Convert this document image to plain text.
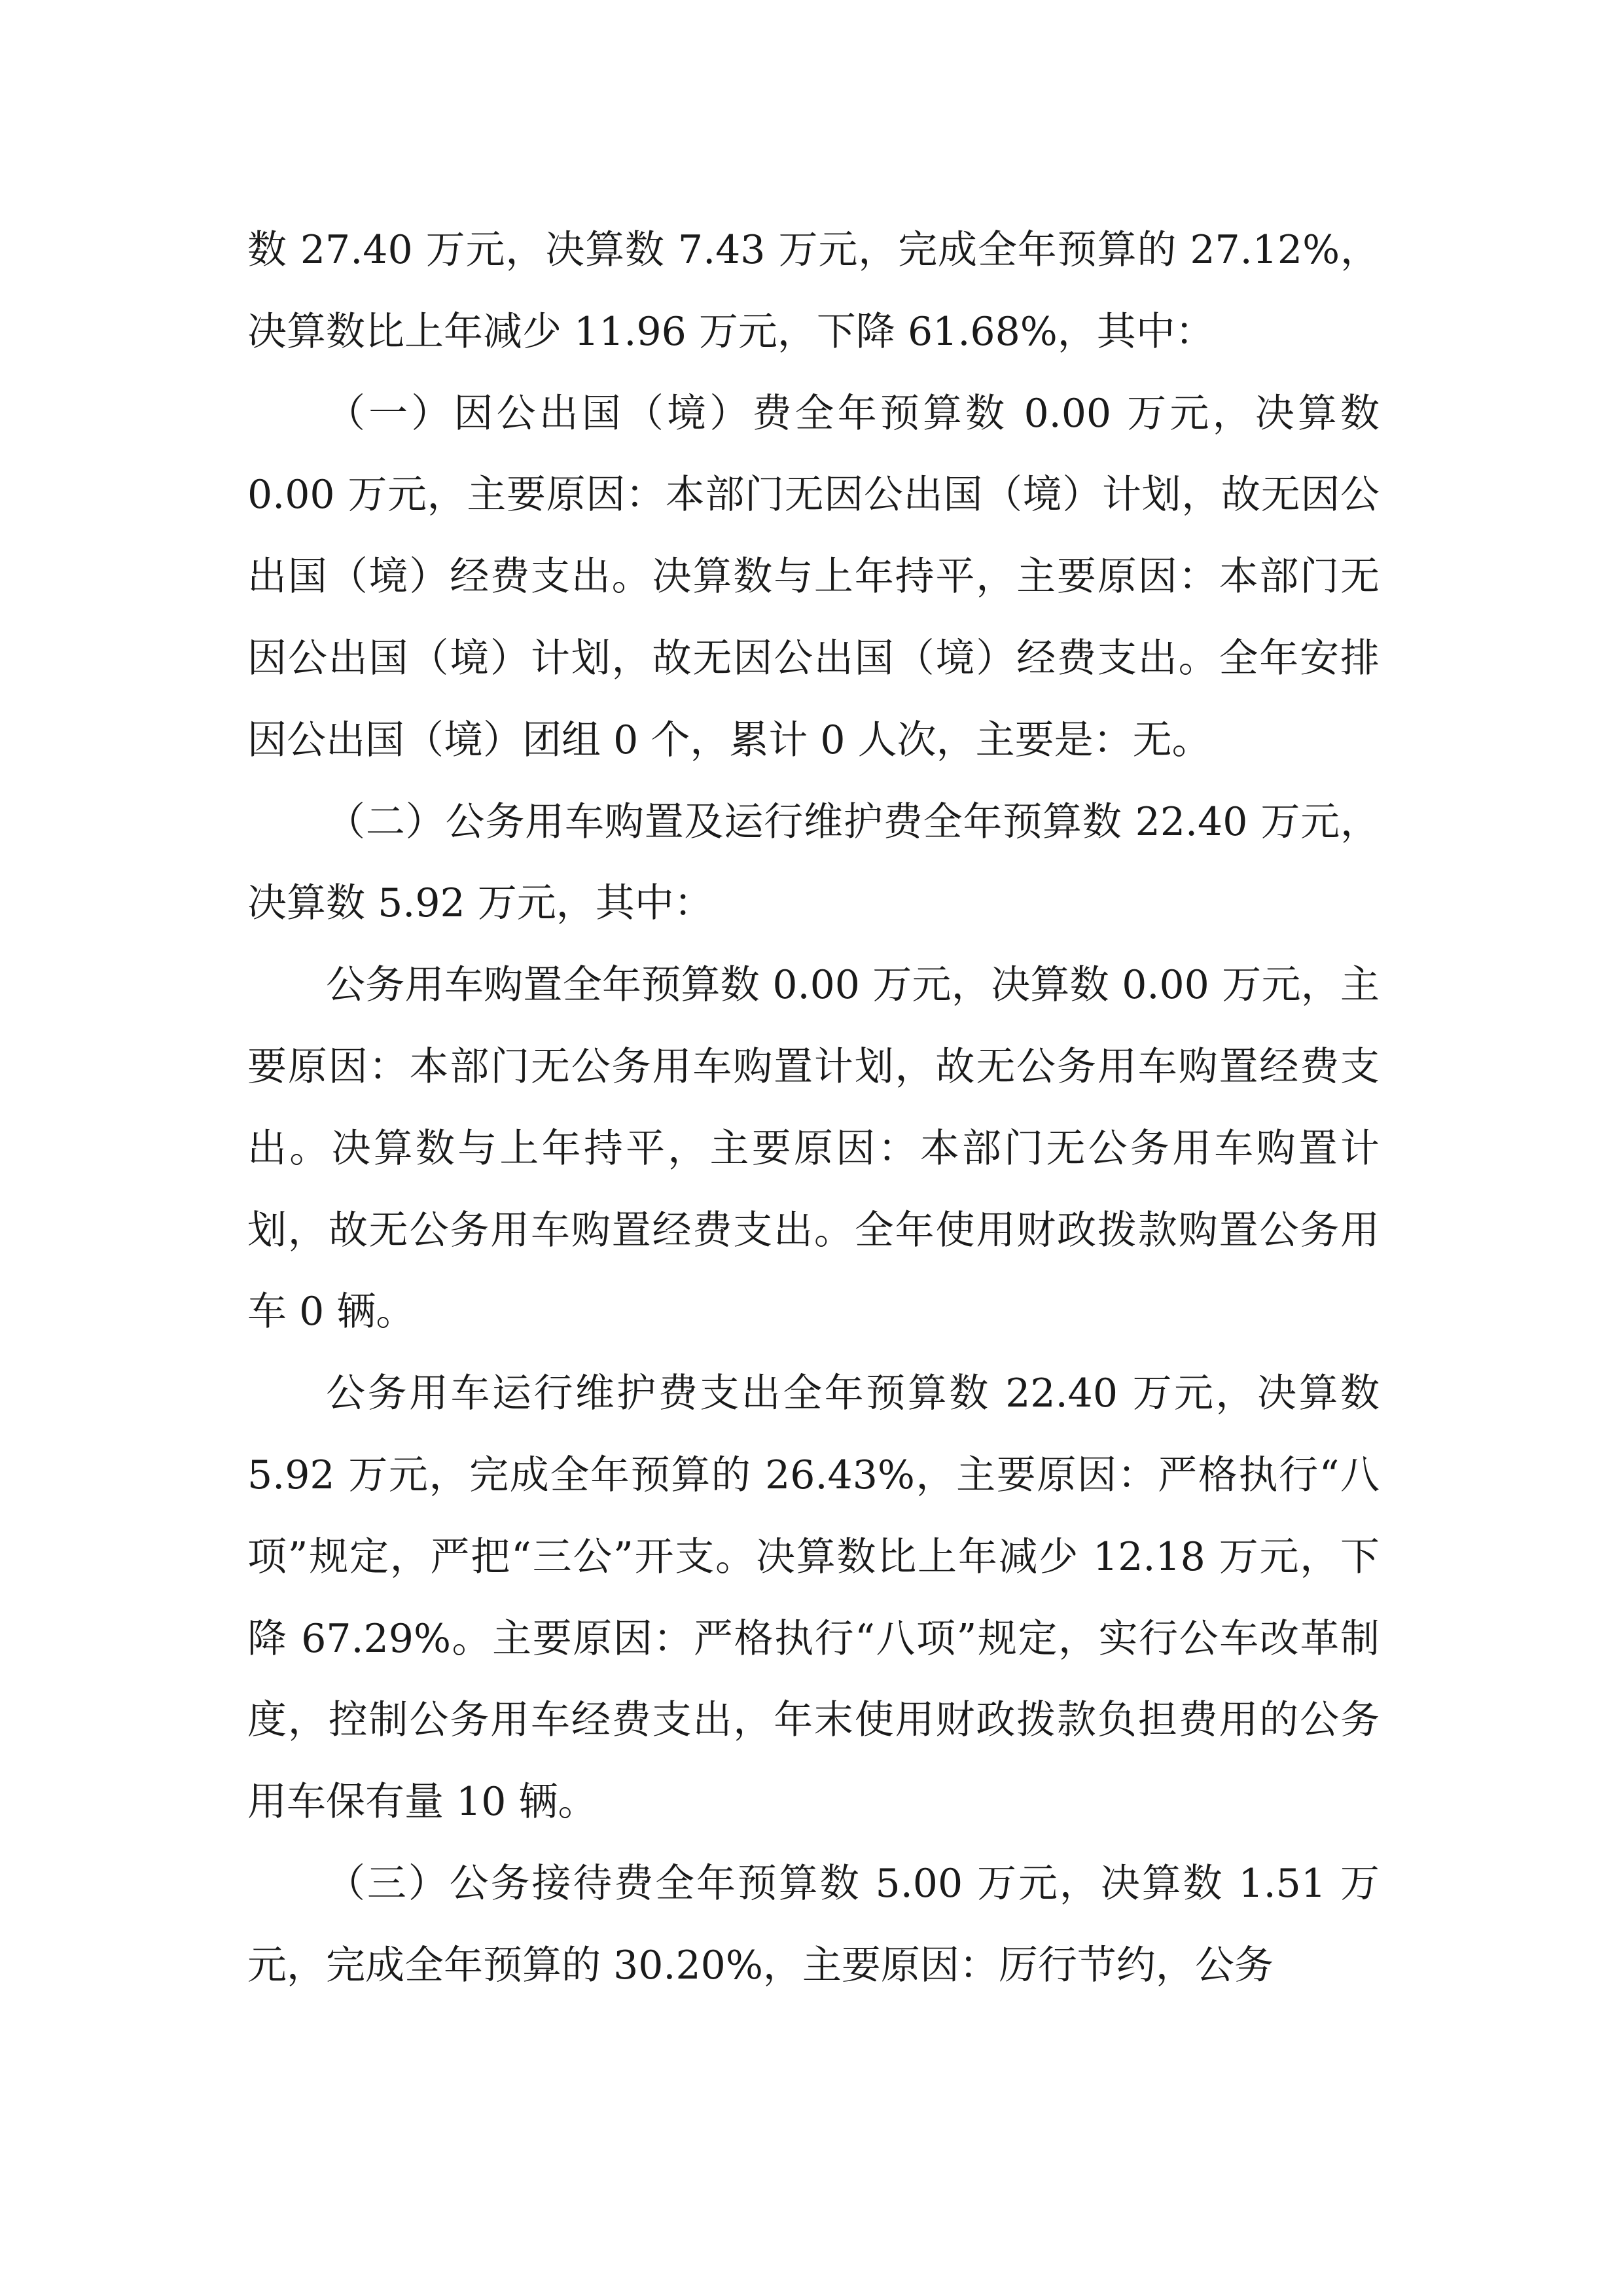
数 27.40 万元，决算数 7.43 万元，完成全年预算的 27.12%，决算数比上年减少 11.96 万元，下降 61.68%，其中：

（一）因公出国（境）费全年预算数 0.00 万元，决算数 0.00 万元，主要原因：本部门无因公出国（境）计划，故无因公出国（境）经费支出。决算数与上年持平，主要原因：本部门无因公出国（境）计划，故无因公出国（境）经费支出。全年安排因公出国（境）团组 0 个，累计 0 人次，主要是：无。

（二）公务用车购置及运行维护费全年预算数 22.40 万元，决算数 5.92 万元，其中：

公务用车购置全年预算数 0.00 万元，决算数 0.00 万元，主要原因：本部门无公务用车购置计划，故无公务用车购置经费支出。决算数与上年持平，主要原因：本部门无公务用车购置计划，故无公务用车购置经费支出。全年使用财政拨款购置公务用车 0 辆。

公务用车运行维护费支出全年预算数 22.40 万元，决算数 5.92 万元，完成全年预算的 26.43%，主要原因：严格执行“八项”规定，严把“三公”开支。决算数比上年减少 12.18 万元，下降 67.29%。主要原因：严格执行“八项”规定，实行公车改革制度，控制公务用车经费支出，年末使用财政拨款负担费用的公务用车保有量 10 辆。

（三）公务接待费全年预算数 5.00 万元，决算数 1.51 万元，完成全年预算的 30.20%，主要原因：厉行节约，公务
